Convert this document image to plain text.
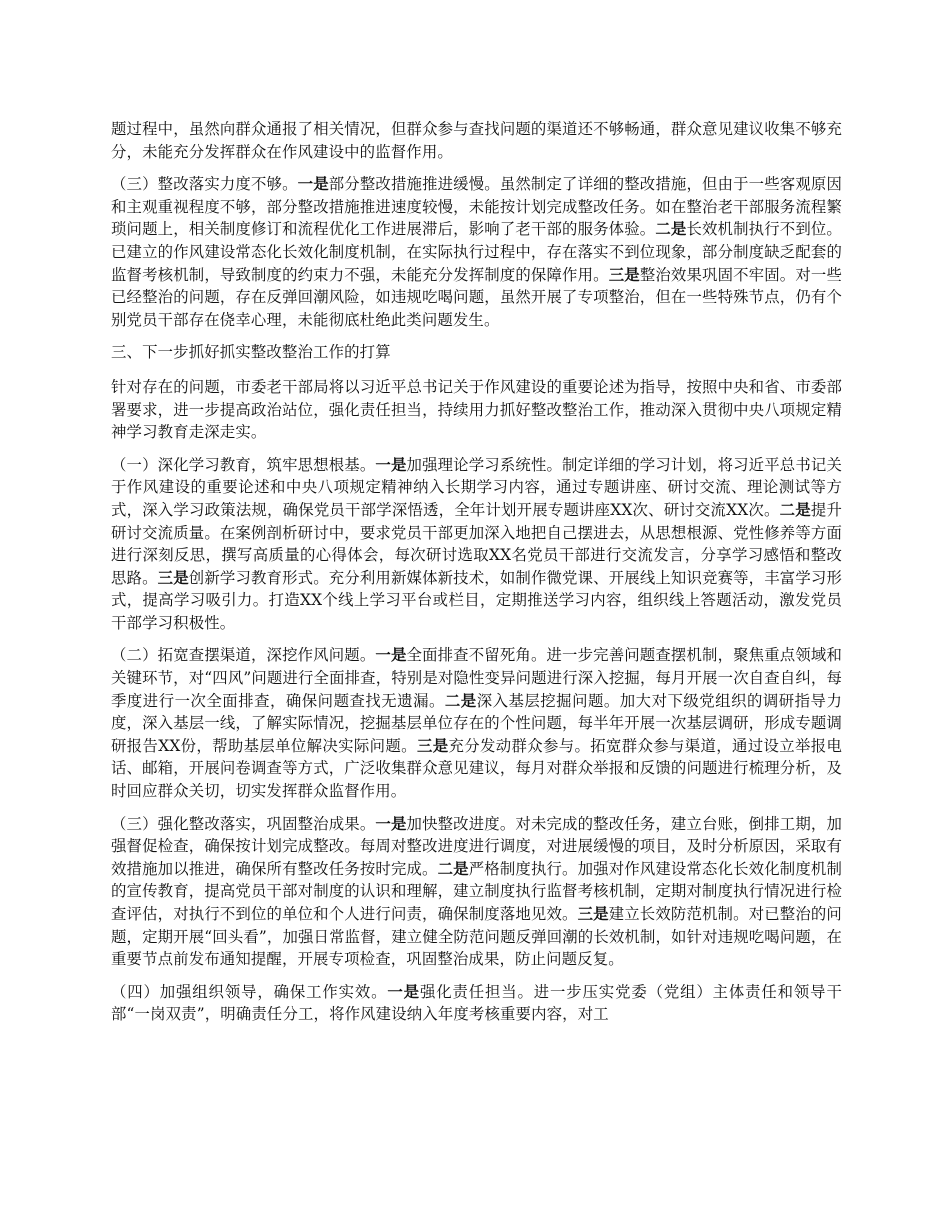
题过程中，虽然向群众通报了相关情况，但群众参与查找问题的渠道还不够畅通，群众意见建议收集不够充分，未能充分发挥群众在作风建设中的监督作用。

（三）整改落实力度不够。一是部分整改措施推进缓慢。虽然制定了详细的整改措施，但由于一些客观原因和主观重视程度不够，部分整改措施推进速度较慢，未能按计划完成整改任务。如在整治老干部服务流程繁琐问题上，相关制度修订和流程优化工作进展滞后，影响了老干部的服务体验。二是长效机制执行不到位。已建立的作风建设常态化长效化制度机制，在实际执行过程中，存在落实不到位现象，部分制度缺乏配套的监督考核机制，导致制度的约束力不强，未能充分发挥制度的保障作用。三是整治效果巩固不牢固。对一些已经整治的问题，存在反弹回潮风险，如违规吃喝问题，虽然开展了专项整治，但在一些特殊节点，仍有个别党员干部存在侥幸心理，未能彻底杜绝此类问题发生。

三、下一步抓好抓实整改整治工作的打算

针对存在的问题，市委老干部局将以习近平总书记关于作风建设的重要论述为指导，按照中央和省、市委部署要求，进一步提高政治站位，强化责任担当，持续用力抓好整改整治工作，推动深入贯彻中央八项规定精神学习教育走深走实。

（一）深化学习教育，筑牢思想根基。一是加强理论学习系统性。制定详细的学习计划，将习近平总书记关于作风建设的重要论述和中央八项规定精神纳入长期学习内容，通过专题讲座、研讨交流、理论测试等方式，深入学习政策法规，确保党员干部学深悟透，全年计划开展专题讲座XX次、研讨交流XX次。二是提升研讨交流质量。在案例剖析研讨中，要求党员干部更加深入地把自己摆进去，从思想根源、党性修养等方面进行深刻反思，撰写高质量的心得体会，每次研讨选取XX名党员干部进行交流发言，分享学习感悟和整改思路。三是创新学习教育形式。充分利用新媒体新技术，如制作微党课、开展线上知识竞赛等，丰富学习形式，提高学习吸引力。打造XX个线上学习平台或栏目，定期推送学习内容，组织线上答题活动，激发党员干部学习积极性。

（二）拓宽查摆渠道，深挖作风问题。一是全面排查不留死角。进一步完善问题查摆机制，聚焦重点领域和关键环节，对“四风”问题进行全面排查，特别是对隐性变异问题进行深入挖掘，每月开展一次自查自纠，每季度进行一次全面排查，确保问题查找无遗漏。二是深入基层挖掘问题。加大对下级党组织的调研指导力度，深入基层一线，了解实际情况，挖掘基层单位存在的个性问题，每半年开展一次基层调研，形成专题调研报告XX份，帮助基层单位解决实际问题。三是充分发动群众参与。拓宽群众参与渠道，通过设立举报电话、邮箱，开展问卷调查等方式，广泛收集群众意见建议，每月对群众举报和反馈的问题进行梳理分析，及时回应群众关切，切实发挥群众监督作用。

（三）强化整改落实，巩固整治成果。一是加快整改进度。对未完成的整改任务，建立台账，倒排工期，加强督促检查，确保按计划完成整改。每周对整改进度进行调度，对进展缓慢的项目，及时分析原因，采取有效措施加以推进，确保所有整改任务按时完成。二是严格制度执行。加强对作风建设常态化长效化制度机制的宣传教育，提高党员干部对制度的认识和理解，建立制度执行监督考核机制，定期对制度执行情况进行检查评估，对执行不到位的单位和个人进行问责，确保制度落地见效。三是建立长效防范机制。对已整治的问题，定期开展“回头看”，加强日常监督，建立健全防范问题反弹回潮的长效机制，如针对违规吃喝问题，在重要节点前发布通知提醒，开展专项检查，巩固整治成果，防止问题反复。

（四）加强组织领导，确保工作实效。一是强化责任担当。进一步压实党委（党组）主体责任和领导干部“一岗双责”，明确责任分工，将作风建设纳入年度考核重要内容，对工
